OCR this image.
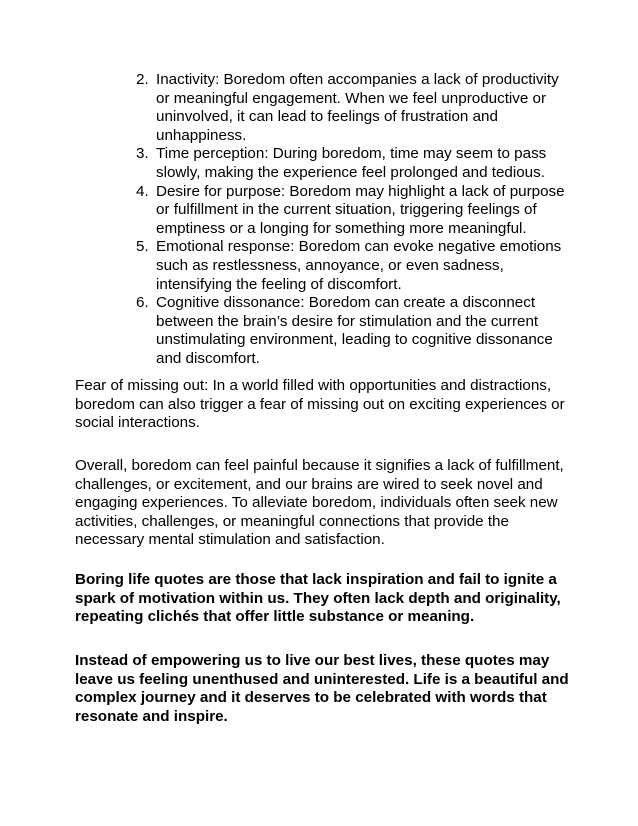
2. Inactivity: Boredom often accompanies a lack of productivity or meaningful engagement. When we feel unproductive or uninvolved, it can lead to feelings of frustration and unhappiness.
3. Time perception: During boredom, time may seem to pass slowly, making the experience feel prolonged and tedious.
4. Desire for purpose: Boredom may highlight a lack of purpose or fulfillment in the current situation, triggering feelings of emptiness or a longing for something more meaningful.
5. Emotional response: Boredom can evoke negative emotions such as restlessness, annoyance, or even sadness, intensifying the feeling of discomfort.
6. Cognitive dissonance: Boredom can create a disconnect between the brain’s desire for stimulation and the current unstimulating environment, leading to cognitive dissonance and discomfort.

Fear of missing out: In a world filled with opportunities and distractions, boredom can also trigger a fear of missing out on exciting experiences or social interactions.

Overall, boredom can feel painful because it signifies a lack of fulfillment, challenges, or excitement, and our brains are wired to seek novel and engaging experiences. To alleviate boredom, individuals often seek new activities, challenges, or meaningful connections that provide the necessary mental stimulation and satisfaction.

Boring life quotes are those that lack inspiration and fail to ignite a spark of motivation within us. They often lack depth and originality, repeating clichés that offer little substance or meaning.

Instead of empowering us to live our best lives, these quotes may leave us feeling unenthused and uninterested. Life is a beautiful and complex journey and it deserves to be celebrated with words that resonate and inspire.
